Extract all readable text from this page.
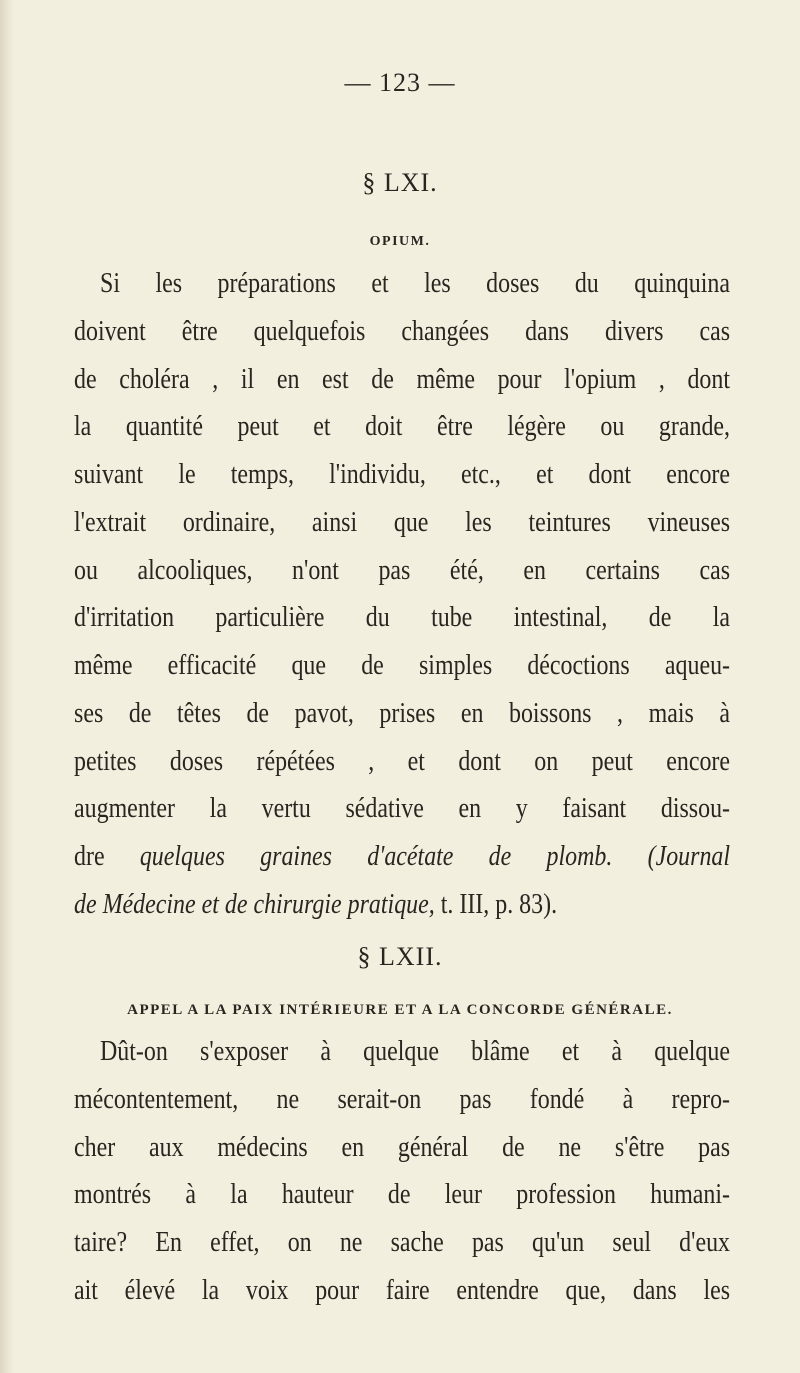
— 123 —
§ LXI.
OPIUM.
Si les préparations et les doses du quinquina
doivent être quelquefois changées dans divers cas
de choléra , il en est de même pour l'opium , dont
la quantité peut et doit être légère ou grande,
suivant le temps, l'individu, etc., et dont encore
l'extrait ordinaire, ainsi que les teintures vineuses
ou alcooliques, n'ont pas été, en certains cas
d'irritation particulière du tube intestinal, de la
même efficacité que de simples décoctions aqueu-
ses de têtes de pavot, prises en boissons , mais à
petites doses répétées , et dont on peut encore
augmenter la vertu sédative en y faisant dissou-
dre quelques graines d'acétate de plomb. (Journal
de Médecine et de chirurgie pratique, t. III, p. 83).
§ LXII.
APPEL A LA PAIX INTÉRIEURE ET A LA CONCORDE GÉNÉRALE.
Dût-on s'exposer à quelque blâme et à quelque
mécontentement, ne serait-on pas fondé à repro-
cher aux médecins en général de ne s'être pas
montrés à la hauteur de leur profession humani-
taire? En effet, on ne sache pas qu'un seul d'eux
ait élevé la voix pour faire entendre que, dans les
